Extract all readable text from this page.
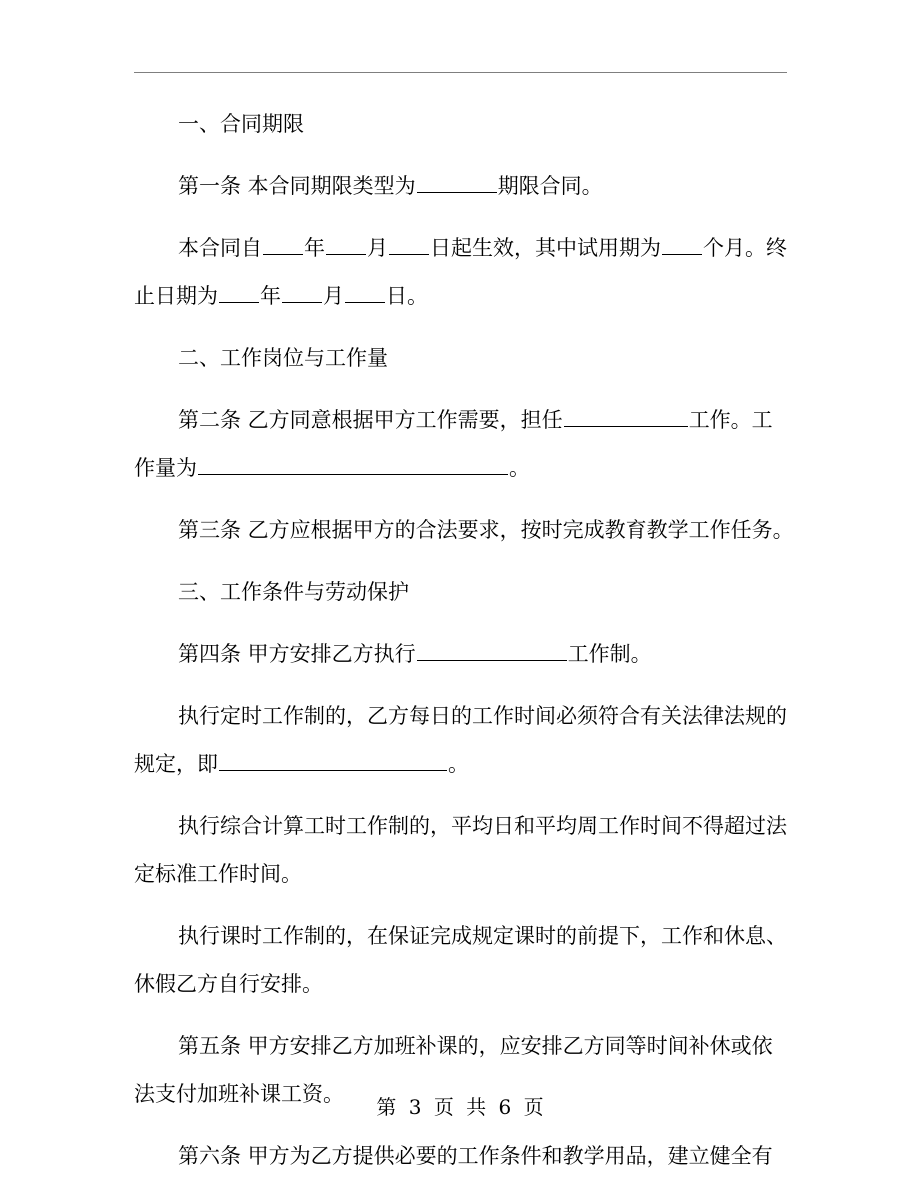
一、合同期限

第一条 本合同期限类型为	期限合同。

本合同自 年 月 日起生效，其中试用期为 个月。终
止日期为 年 月 日。

二、工作岗位与工作量

第二条 乙方同意根据甲方工作需要，担任	工作。工
作量为	。

第三条 乙方应根据甲方的合法要求，按时完成教育教学工作任务。

三、工作条件与劳动保护

第四条 甲方安排乙方执行	工作制。

执行定时工作制的，乙方每日的工作时间必须符合有关法律法规的
规定，即	。

执行综合计算工时工作制的，平均日和平均周工作时间不得超过法
定标准工作时间。

执行课时工作制的，在保证完成规定课时的前提下，工作和休息、
休假乙方自行安排。

第五条 甲方安排乙方加班补课的，应安排乙方同等时间补休或依
法支付加班补课工资。

第六条 甲方为乙方提供必要的工作条件和教学用品，建立健全有

第 3 页 共 6 页
